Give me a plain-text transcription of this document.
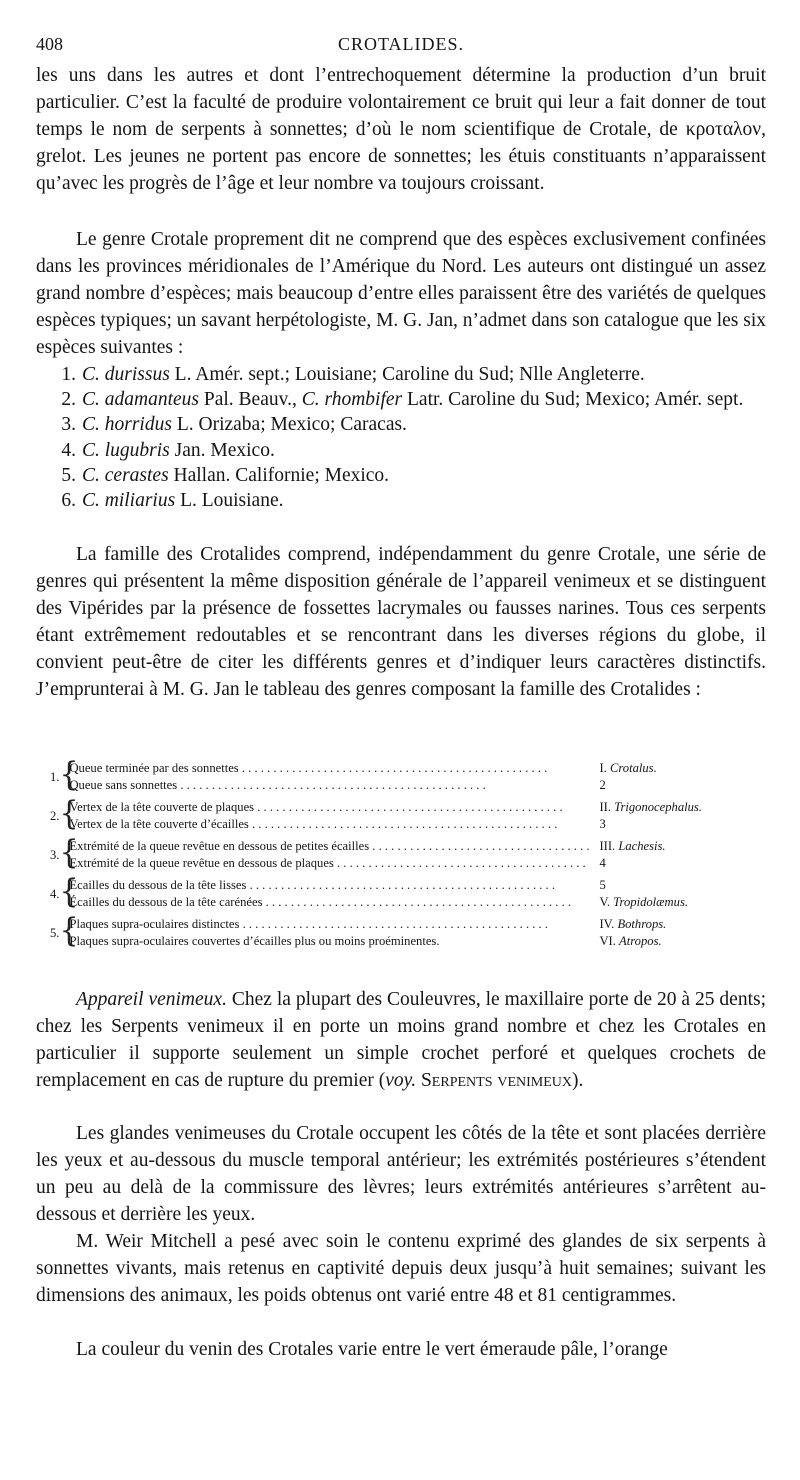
408	CROTALIDES.

les uns dans les autres et dont l’entrechoquement détermine la production d’un bruit particulier. C’est la faculté de produire volontairement ce bruit qui leur a fait donner de tout temps le nom de serpents à sonnettes; d’où le nom scientifique de Crotale, de κροταλον, grelot. Les jeunes ne portent pas encore de sonnettes; les étuis constituants n’apparaissent qu’avec les progrès de l’âge et leur nombre va toujours croissant.

Le genre Crotale proprement dit ne comprend que des espèces exclusivement confinées dans les provinces méridionales de l’Amérique du Nord. Les auteurs ont distingué un assez grand nombre d’espèces; mais beaucoup d’entre elles paraissent être des variétés de quelques espèces typiques; un savant herpétologiste, M. G. Jan, n’admet dans son catalogue que les six espèces suivantes :

1. C. durissus L. Amér. sept.; Louisiane; Caroline du Sud; Nlle Angleterre.
2. C. adamanteus Pal. Beauv., C. rhombifer Latr. Caroline du Sud; Mexico; Amér. sept.
3. C. horridus L. Orizaba; Mexico; Caracas.
4. C. lugubris Jan. Mexico.
5. C. cerastes Hallan. Californie; Mexico.
6. C. miliarius L. Louisiane.

La famille des Crotalides comprend, indépendamment du genre Crotale, une série de genres qui présentent la même disposition générale de l’appareil venimeux et se distinguent des Vipérides par la présence de fossettes lacrymales ou fausses narines. Tous ces serpents étant extrêmement redoutables et se rencontrant dans les diverses régions du globe, il convient peut-être de citer les différents genres et d’indiquer leurs caractères distinctifs. J’emprunterai à M. G. Jan le tableau des genres composant la famille des Crotalides :

1. {
Queue terminée par des sonnettes . . .	I. Crotalus.
Queue sans sonnettes . . .	2
2. {
Vertex de la tête couverte de plaques . . .	II. Trigonocephalus.
Vertex de la tête couverte d’écailles . . .	3
3. {
Extrémité de la queue revêtue en dessous de petites écailles . . .	III. Lachesis.
Extrémité de la queue revêtue en dessous de plaques . . .	4
4. {
Écailles du dessous de la tête lisses . . .	5
Écailles du dessous de la tête carénées . . .	V. Tropidolæmus.
5. {
Plaques supra-oculaires distinctes . . .	IV. Bothrops.
Plaques supra-oculaires couvertes d’écailles plus ou moins proéminentes.	VI. Atropos.

Appareil venimeux. Chez la plupart des Couleuvres, le maxillaire porte de 20 à 25 dents; chez les Serpents venimeux il en porte un moins grand nombre et chez les Crotales en particulier il supporte seulement un simple crochet perforé et quelques crochets de remplacement en cas de rupture du premier (voy. Serpents venimeux).

Les glandes venimeuses du Crotale occupent les côtés de la tête et sont placées derrière les yeux et au-dessous du muscle temporal antérieur; les extrémités postérieures s’étendent un peu au delà de la commissure des lèvres; leurs extrémités antérieures s’arrêtent au-dessous et derrière les yeux.

M. Weir Mitchell a pesé avec soin le contenu exprimé des glandes de six serpents à sonnettes vivants, mais retenus en captivité depuis deux jusqu’à huit semaines; suivant les dimensions des animaux, les poids obtenus ont varié entre 48 et 81 centigrammes.

La couleur du venin des Crotales varie entre le vert émeraude pâle, l’orange
